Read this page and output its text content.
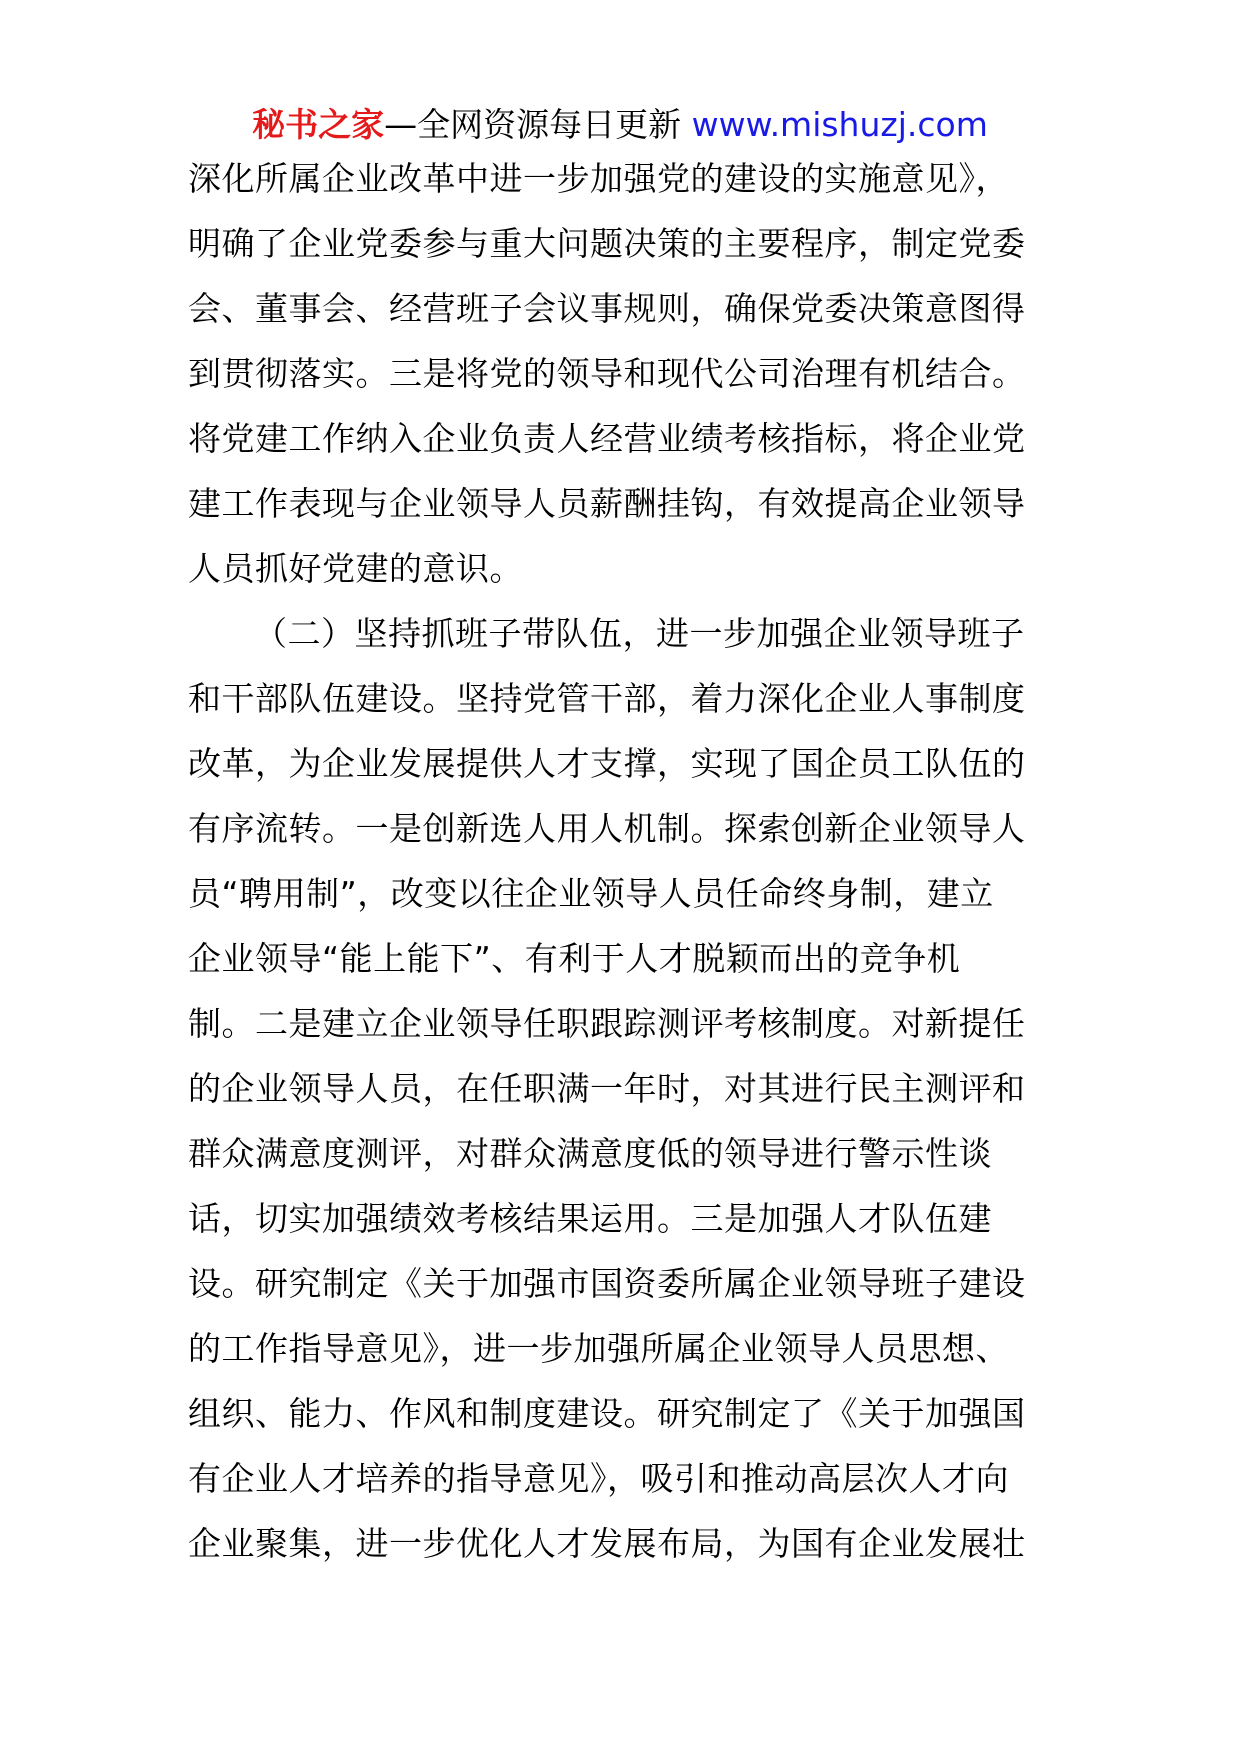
秘书之家—全网资源每日更新 www.mishuzj.com
深化所属企业改革中进一步加强党的建设的实施意见》，
明确了企业党委参与重大问题决策的主要程序，制定党委
会、董事会、经营班子会议事规则，确保党委决策意图得
到贯彻落实。三是将党的领导和现代公司治理有机结合。
将党建工作纳入企业负责人经营业绩考核指标，将企业党
建工作表现与企业领导人员薪酬挂钩，有效提高企业领导
人员抓好党建的意识。
（二）坚持抓班子带队伍，进一步加强企业领导班子
和干部队伍建设。坚持党管干部，着力深化企业人事制度
改革，为企业发展提供人才支撑，实现了国企员工队伍的
有序流转。一是创新选人用人机制。探索创新企业领导人
员“聘用制”，改变以往企业领导人员任命终身制，建立
企业领导“能上能下”、有利于人才脱颖而出的竞争机
制。二是建立企业领导任职跟踪测评考核制度。对新提任
的企业领导人员，在任职满一年时，对其进行民主测评和
群众满意度测评，对群众满意度低的领导进行警示性谈
话，切实加强绩效考核结果运用。三是加强人才队伍建
设。研究制定《关于加强市国资委所属企业领导班子建设
的工作指导意见》，进一步加强所属企业领导人员思想、
组织、能力、作风和制度建设。研究制定了《关于加强国
有企业人才培养的指导意见》，吸引和推动高层次人才向
企业聚集，进一步优化人才发展布局，为国有企业发展壮
